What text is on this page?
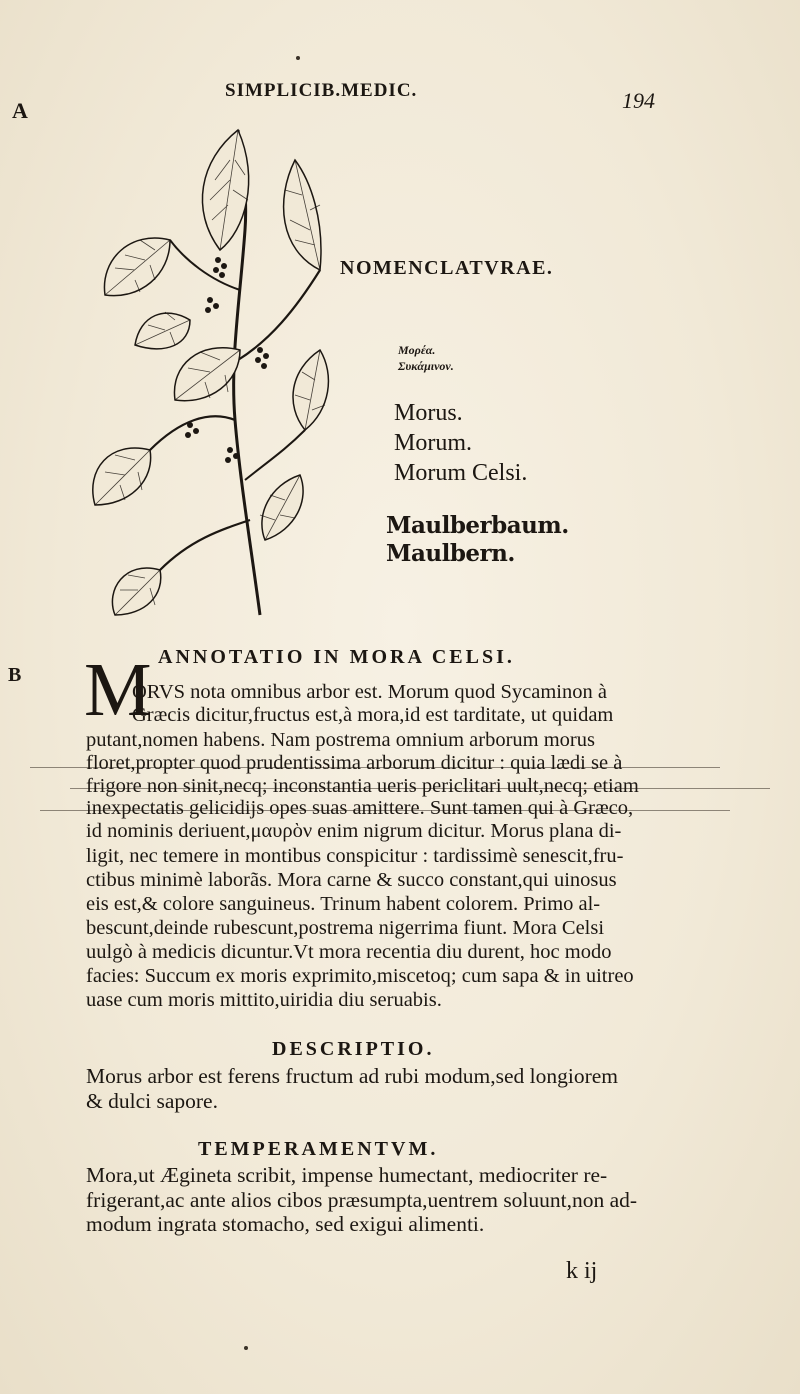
SIMPLICIB.MEDIC.	194
A
NOMENCLATVRAE.
Μορέα.
Συκάμινον.
Morus.
Morum.
Morum Celsi.
Maulberbaum.
Maulbern.
ANNOTATIO IN MORA CELSI.
B M
ORVS nota omnibus arbor est. Morum quod Sycaminon à
Græcis dicitur,fructus est,à mora,id est tarditate, ut quidam
putant,nomen habens. Nam postrema omnium arborum morus
floret,propter quod prudentissima arborum dicitur : quia lædi se à
frigore non sinit,necq; inconstantia ueris periclitari uult,necq; etiam
inexpectatis gelicidijs opes suas amittere. Sunt tamen qui à Græco,
id nominis deriuent,μαυρὸν enim nigrum dicitur. Morus plana di-
ligit, nec temere in montibus conspicitur : tardissimè senescit,fru-
ctibus minimè laborãs. Mora carne & succo constant,qui uinosus
eis est,& colore sanguineus. Trinum habent colorem. Primo al-
bescunt,deinde rubescunt,postrema nigerrima fiunt. Mora Celsi
uulgò à medicis dicuntur.Vt mora recentia diu durent, hoc modo
facies: Succum ex moris exprimito,miscetoq; cum sapa & in uitreo
uase cum moris mittito,uiridia diu seruabis.
DESCRIPTIO.
Morus arbor est ferens fructum ad rubi modum,sed longiorem
& dulci sapore.
TEMPERAMENTVM.
Mora,ut Ægineta scribit, impense humectant, mediocriter re-
frigerant,ac ante alios cibos præsumpta,uentrem soluunt,non ad-
modum ingrata stomacho, sed exigui alimenti.
k ij
